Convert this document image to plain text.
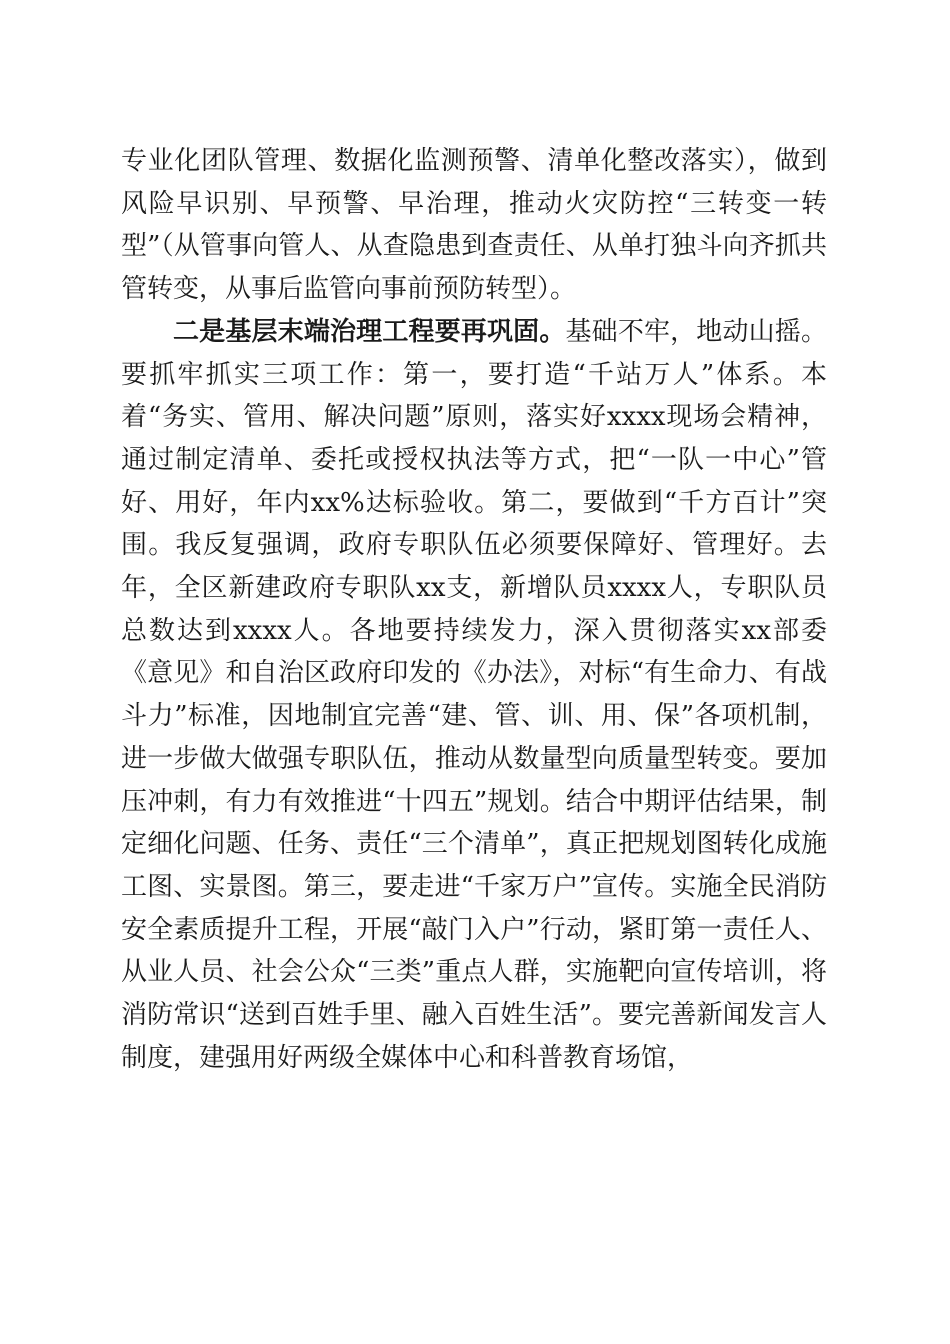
专业化团队管理、数据化监测预警、清单化整改落实），做到风险早识别、早预警、早治理，推动火灾防控“三转变一转型”（从管事向管人、从查隐患到查责任、从单打独斗向齐抓共管转变，从事后监管向事前预防转型）。

二是基层末端治理工程要再巩固。基础不牢，地动山摇。要抓牢抓实三项工作：第一，要打造“千站万人”体系。本着“务实、管用、解决问题”原则，落实好xxxx现场会精神，通过制定清单、委托或授权执法等方式，把“一队一中心”管好、用好，年内xx%达标验收。第二，要做到“千方百计”突围。我反复强调，政府专职队伍必须要保障好、管理好。去年，全区新建政府专职队xx支，新增队员xxxx人，专职队员总数达到xxxx人。各地要持续发力，深入贯彻落实xx部委《意见》和自治区政府印发的《办法》，对标“有生命力、有战斗力”标准，因地制宜完善“建、管、训、用、保”各项机制，进一步做大做强专职队伍，推动从数量型向质量型转变。要加压冲刺，有力有效推进“十四五”规划。结合中期评估结果，制定细化问题、任务、责任“三个清单”，真正把规划图转化成施工图、实景图。第三，要走进“千家万户”宣传。实施全民消防安全素质提升工程，开展“敲门入户”行动，紧盯第一责任人、从业人员、社会公众“三类”重点人群，实施靶向宣传培训，将消防常识“送到百姓手里、融入百姓生活”。要完善新闻发言人制度，建强用好两级全媒体中心和科普教育场馆，
